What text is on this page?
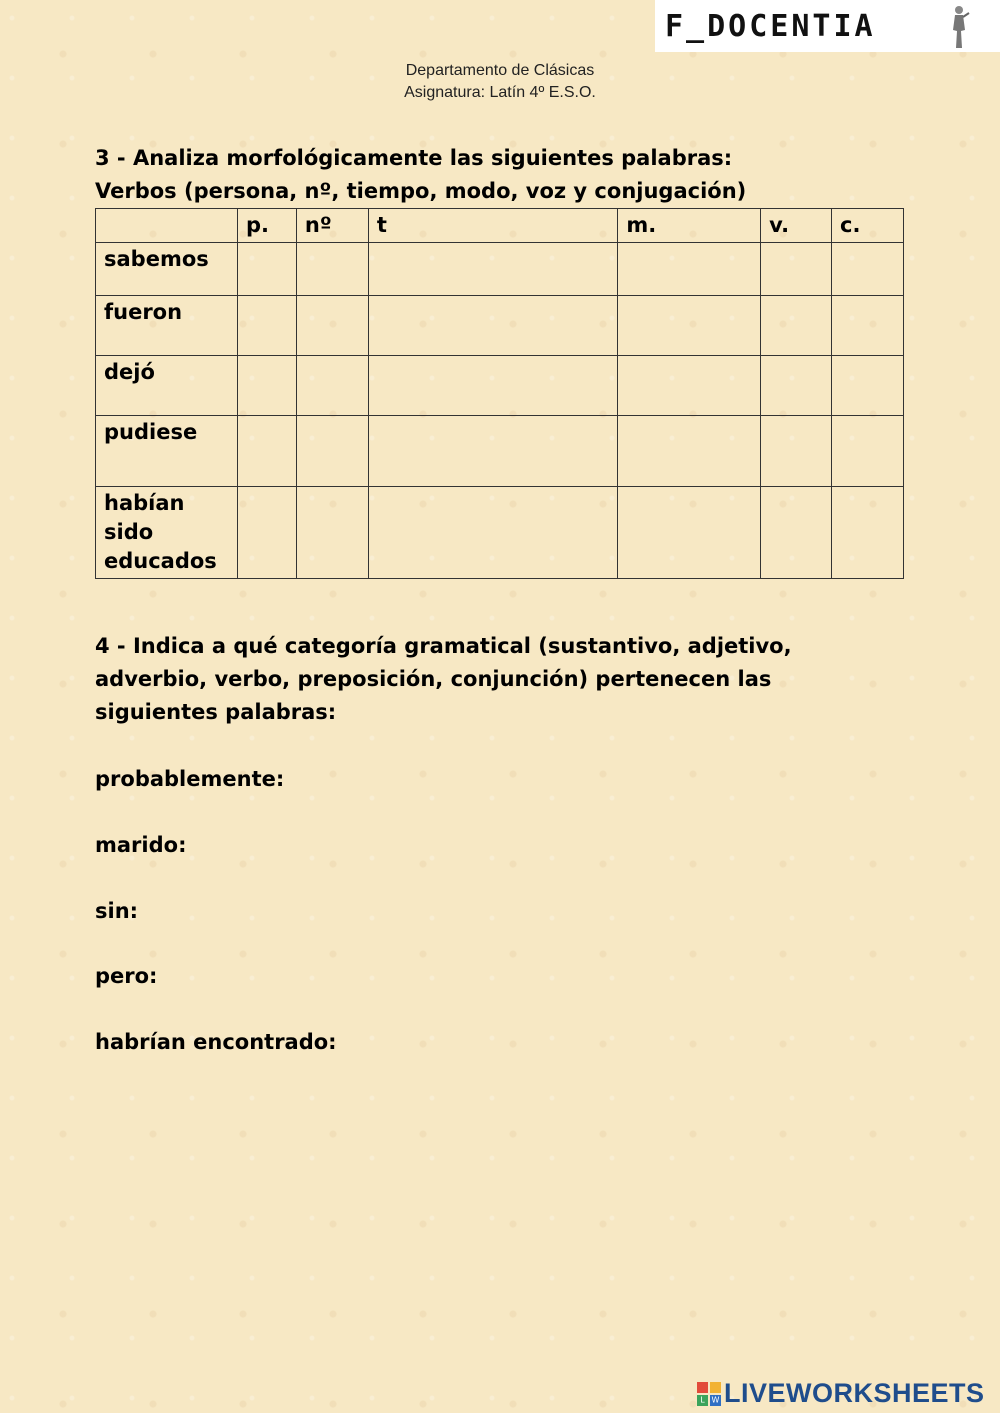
F_DOCENTIA
Departamento de Clásicas
Asignatura: Latín 4º E.S.O.
3 - Analiza morfológicamente las siguientes palabras:
Verbos (persona, nº, tiempo, modo, voz y conjugación)
	p.	nº	t	m.	v.	c.
sabemos						
fueron						
dejó						
pudiese						
habían sido educados						
4 - Indica a qué categoría gramatical (sustantivo, adjetivo, adverbio, verbo, preposición, conjunción) pertenecen las siguientes palabras:
probablemente:
marido:
sin:
pero:
habrían encontrado:
L W LIVEWORKSHEETS
